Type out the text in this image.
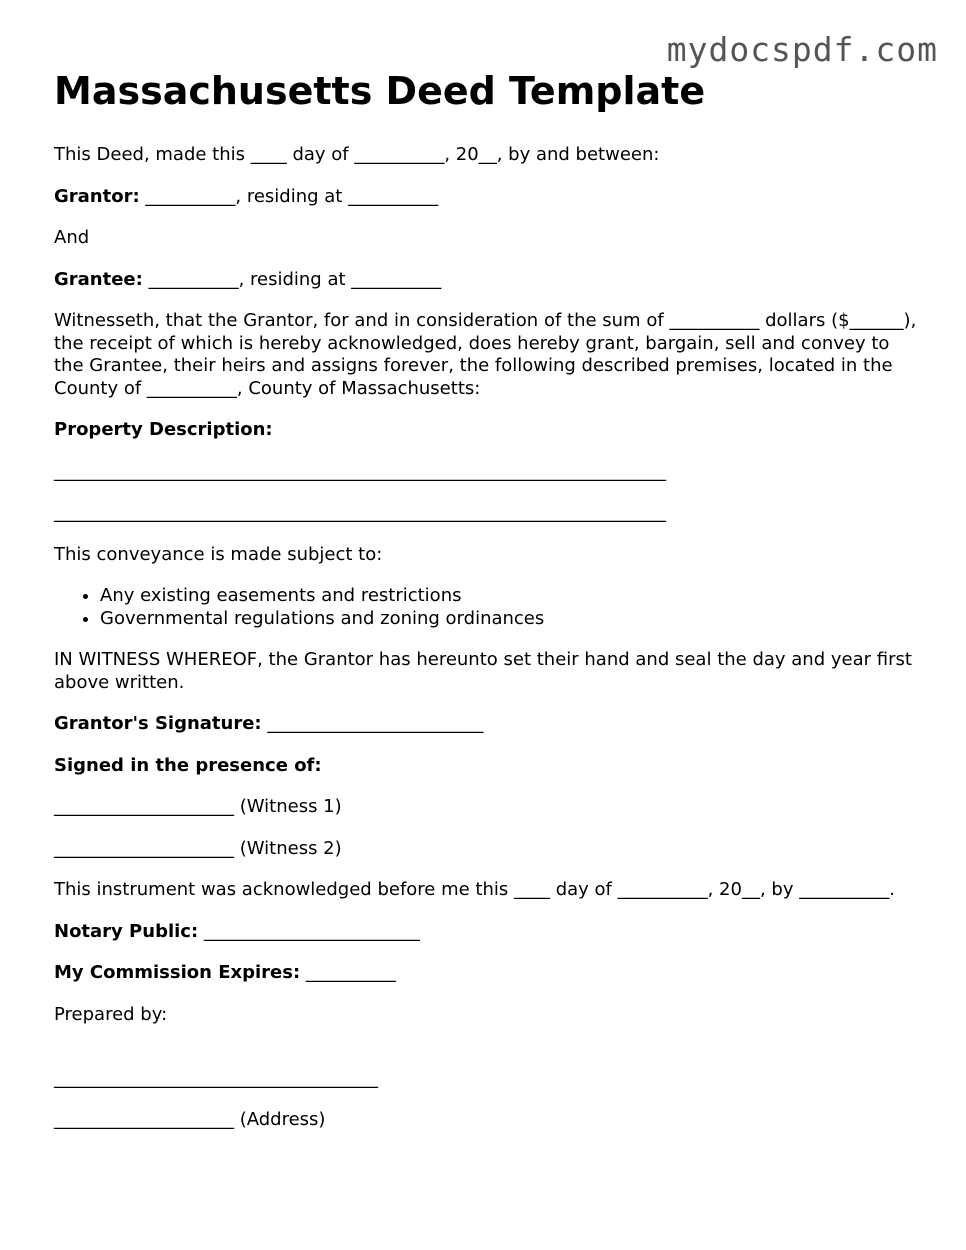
mydocspdf.com
Massachusetts Deed Template

This Deed, made this ____ day of __________, 20__, by and between:

Grantor: __________, residing at __________

And

Grantee: __________, residing at __________

Witnesseth, that the Grantor, for and in consideration of the sum of __________ dollars ($______), the receipt of which is hereby acknowledged, does hereby grant, bargain, sell and convey to the Grantee, their heirs and assigns forever, the following described premises, located in the County of __________, County of Massachusetts:

Property Description:

____________________________________________________________________

____________________________________________________________________

This conveyance is made subject to:

• Any existing easements and restrictions
• Governmental regulations and zoning ordinances

IN WITNESS WHEREOF, the Grantor has hereunto set their hand and seal the day and year first above written.

Grantor's Signature: ________________________

Signed in the presence of:

____________________ (Witness 1)

____________________ (Witness 2)

This instrument was acknowledged before me this ____ day of __________, 20__, by __________.

Notary Public: ________________________

My Commission Expires: __________

Prepared by:

____________________________________

____________________ (Address)
